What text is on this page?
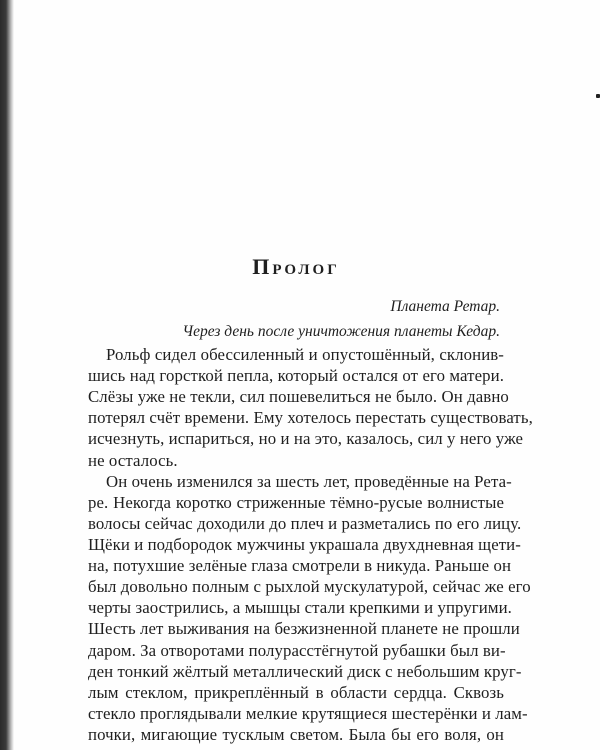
Пролог
Планета Ретар.
Через день после уничтожения планеты Кедар.
Рольф сидел обессиленный и опустошённый, склонив-
шись над горсткой пепла, который остался от его матери.
Слёзы уже не текли, сил пошевелиться не было. Он давно
потерял счёт времени. Ему хотелось перестать существовать,
исчезнуть, испариться, но и на это, казалось, сил у него уже
не осталось.
Он очень изменился за шесть лет, проведённые на Рета-
ре. Некогда коротко стриженные тёмно-русые волнистые
волосы сейчас доходили до плеч и разметались по его лицу.
Щёки и подбородок мужчины украшала двухдневная щети-
на, потухшие зелёные глаза смотрели в никуда. Раньше он
был довольно полным с рыхлой мускулатурой, сейчас же его
черты заострились, а мышцы стали крепкими и упругими.
Шесть лет выживания на безжизненной планете не прошли
даром. За отворотами полурасстёгнутой рубашки был ви-
ден тонкий жёлтый металлический диск с небольшим круг-
лым стеклом, прикреплённый в области сердца. Сквозь
стекло проглядывали мелкие крутящиеся шестерёнки и лам-
почки, мигающие тусклым светом. Была бы его воля, он
